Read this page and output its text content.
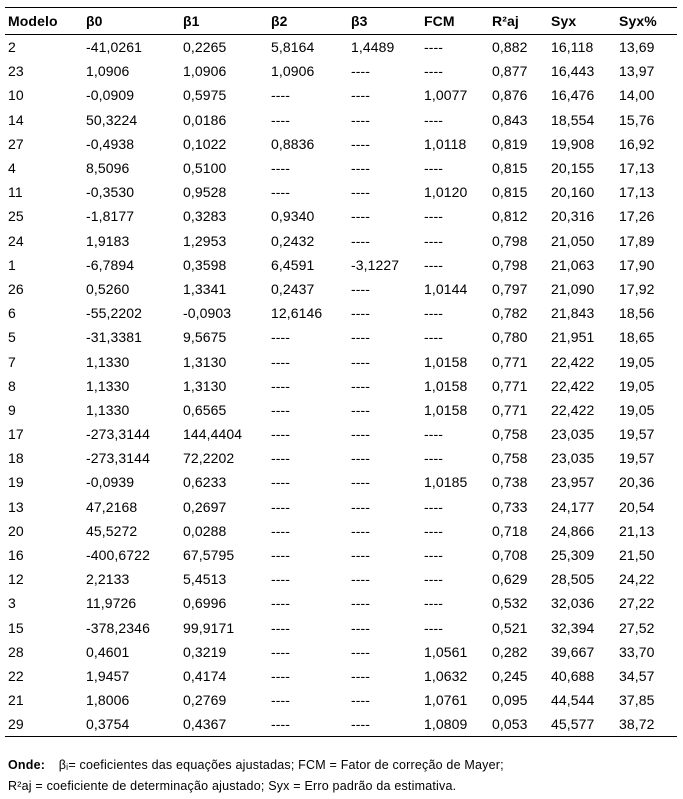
Modelo	β0	β1	β2	β3	FCM	R²aj	Syx	Syx%
2	-41,0261	0,2265	5,8164	1,4489	----	0,882	16,118	13,69
23	1,0906	1,0906	1,0906	----	----	0,877	16,443	13,97
10	-0,0909	0,5975	----	----	1,0077	0,876	16,476	14,00
14	50,3224	0,0186	----	----	----	0,843	18,554	15,76
27	-0,4938	0,1022	0,8836	----	1,0118	0,819	19,908	16,92
4	8,5096	0,5100	----	----	----	0,815	20,155	17,13
11	-0,3530	0,9528	----	----	1,0120	0,815	20,160	17,13
25	-1,8177	0,3283	0,9340	----	----	0,812	20,316	17,26
24	1,9183	1,2953	0,2432	----	----	0,798	21,050	17,89
1	-6,7894	0,3598	6,4591	-3,1227	----	0,798	21,063	17,90
26	0,5260	1,3341	0,2437	----	1,0144	0,797	21,090	17,92
6	-55,2202	-0,0903	12,6146	----	----	0,782	21,843	18,56
5	-31,3381	9,5675	----	----	----	0,780	21,951	18,65
7	1,1330	1,3130	----	----	1,0158	0,771	22,422	19,05
8	1,1330	1,3130	----	----	1,0158	0,771	22,422	19,05
9	1,1330	0,6565	----	----	1,0158	0,771	22,422	19,05
17	-273,3144	144,4404	----	----	----	0,758	23,035	19,57
18	-273,3144	72,2202	----	----	----	0,758	23,035	19,57
19	-0,0939	0,6233	----	----	1,0185	0,738	23,957	20,36
13	47,2168	0,2697	----	----	----	0,733	24,177	20,54
20	45,5272	0,0288	----	----	----	0,718	24,866	21,13
16	-400,6722	67,5795	----	----	----	0,708	25,309	21,50
12	2,2133	5,4513	----	----	----	0,629	28,505	24,22
3	11,9726	0,6996	----	----	----	0,532	32,036	27,22
15	-378,2346	99,9171	----	----	----	0,521	32,394	27,52
28	0,4601	0,3219	----	----	1,0561	0,282	39,667	33,70
22	1,9457	0,4174	----	----	1,0632	0,245	40,688	34,57
21	1,8006	0,2769	----	----	1,0761	0,095	44,544	37,85
29	0,3754	0,4367	----	----	1,0809	0,053	45,577	38,72
Onde: βᵢ= coeficientes das equações ajustadas; FCM = Fator de correção de Mayer;
R²aj = coeficiente de determinação ajustado; Syx = Erro padrão da estimativa.
